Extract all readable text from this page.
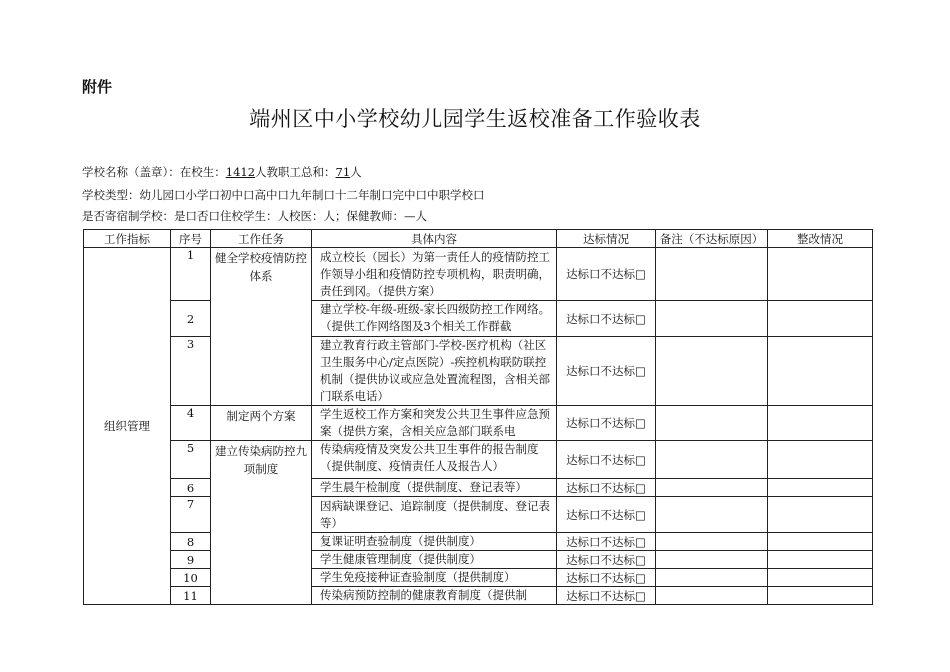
附件
端州区中小学校幼儿园学生返校准备工作验收表
学校名称（盖章）：在校生：1412人教职工总和：71人
学校类型：幼儿园口小学口初中口高中口九年制口十二年制口完中口中职学校口
是否寄宿制学校：是口否口住校学生：人校医：人；保健教师：—人
工作指标	序号	工作任务	具体内容	达标情况	备注（不达标原因）	整改情况
组织管理	1	健全学校疫情防控体系	成立校长（园长）为第一责任人的疫情防控工作领导小组和疫情防控专项机构，职责明确，责任到冈。（提供方案）	达标口不达标□		
	2		建立学校-年级-班级-家长四级防控工作网络。（提供工作网络图及3个相关工作群截	达标口不达标□		
	3		建立教育行政主管部门-学校-医疗机构（社区卫生服务中心/定点医院）-疾控机构联防联控机制（提供协议或应急处置流程图，含相关部门联系电话）	达标口不达标□		
	4	制定两个方案	学生返校工作方案和突发公共卫生事件应急预案（提供方案，含相关应急部门联系电	达标口不达标□		
	5	建立传染病防控九项制度	传染病疫情及突发公共卫生事件的报告制度（提供制度、疫情责任人及报告人）	达标口不达标□		
	6		学生晨午检制度（提供制度、登记表等）	达标口不达标□		
	7		因病缺课登记、追踪制度（提供制度、登记表等）	达标口不达标□		
	8		复课证明查验制度（提供制度）	达标口不达标□		
	9		学生健康管理制度（提供制度）	达标口不达标□		
	10		学生免疫接种证查验制度（提供制度）	达标口不达标□		
	11		传染病预防控制的健康教育制度（提供制	达标口不达标□		
